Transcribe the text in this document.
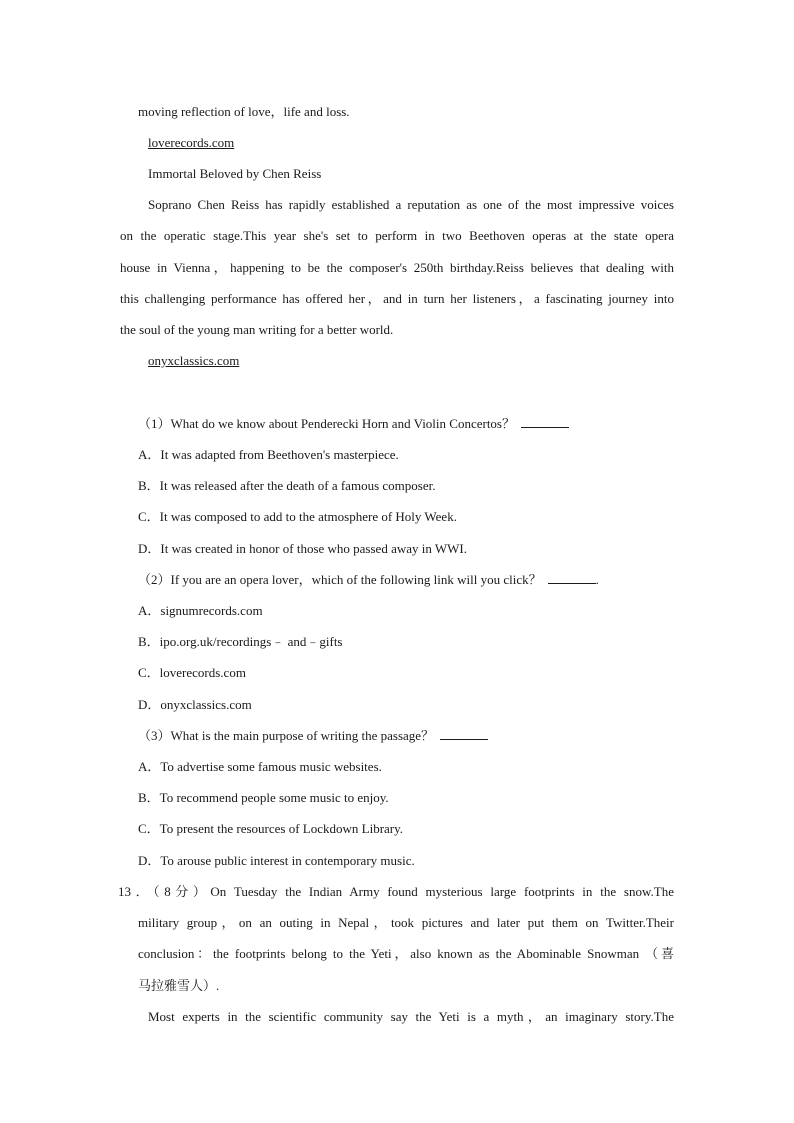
moving reflection of love，life and loss.
loverecords.com
Immortal Beloved by Chen Reiss
Soprano Chen Reiss has rapidly established a reputation as one of the most impressive voices
on the operatic stage.This year she's set to perform in two Beethoven operas at the state opera
house in Vienna，happening to be the composer's 250th birthday.Reiss believes that dealing with
this challenging performance has offered her，and in turn her listeners，a fascinating journey into
the soul of the young man writing for a better world.
onyxclassics.com
（1）What do we know about Penderecki Horn and Violin Concertos？
A．It was adapted from Beethoven's masterpiece.
B．It was released after the death of a famous composer.
C．It was composed to add to the atmosphere of Holy Week.
D．It was created in honor of those who passed away in WWI.
（2）If you are an opera lover，which of the following link will you click？	.
A．signumrecords.com
B．ipo.org.uk/recordings﹣ and﹣gifts
C．loverecords.com
D．onyxclassics.com
（3）What is the main purpose of writing the passage？
A．To advertise some famous music websites.
B．To recommend people some music to enjoy.
C．To present the resources of Lockdown Library.
D．To arouse public interest in contemporary music.
13．（8分）On Tuesday the Indian Army found mysterious large footprints in the snow.The
military group，on an outing in Nepal，took pictures and later put them on Twitter.Their
conclusion：the footprints belong to the Yeti，also known as the Abominable Snowman （喜
马拉雅雪人）.
Most experts in the scientific community say the Yeti is a myth，an imaginary story.The
